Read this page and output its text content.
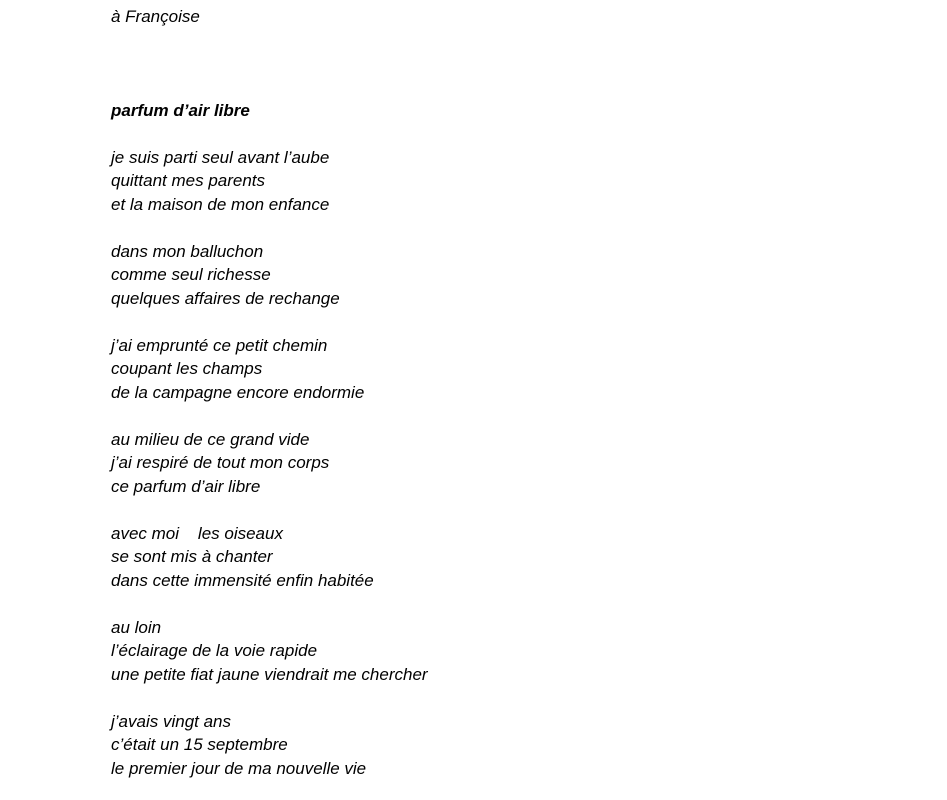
à Françoise

parfum d’air libre
je suis parti seul avant l’aube
quittant mes parents
et la maison de mon enfance
dans mon balluchon
comme seul richesse
quelques affaires de rechange
j’ai emprunté ce petit chemin
coupant les champs
de la campagne encore endormie
au milieu de ce grand vide
j’ai respiré de tout mon corps
ce parfum d’air libre
avec moi    les oiseaux
se sont mis à chanter
dans cette immensité enfin habitée
au loin
l’éclairage de la voie rapide
une petite fiat jaune viendrait me chercher
j’avais vingt ans
c’était un 15 septembre
le premier jour de ma nouvelle vie
